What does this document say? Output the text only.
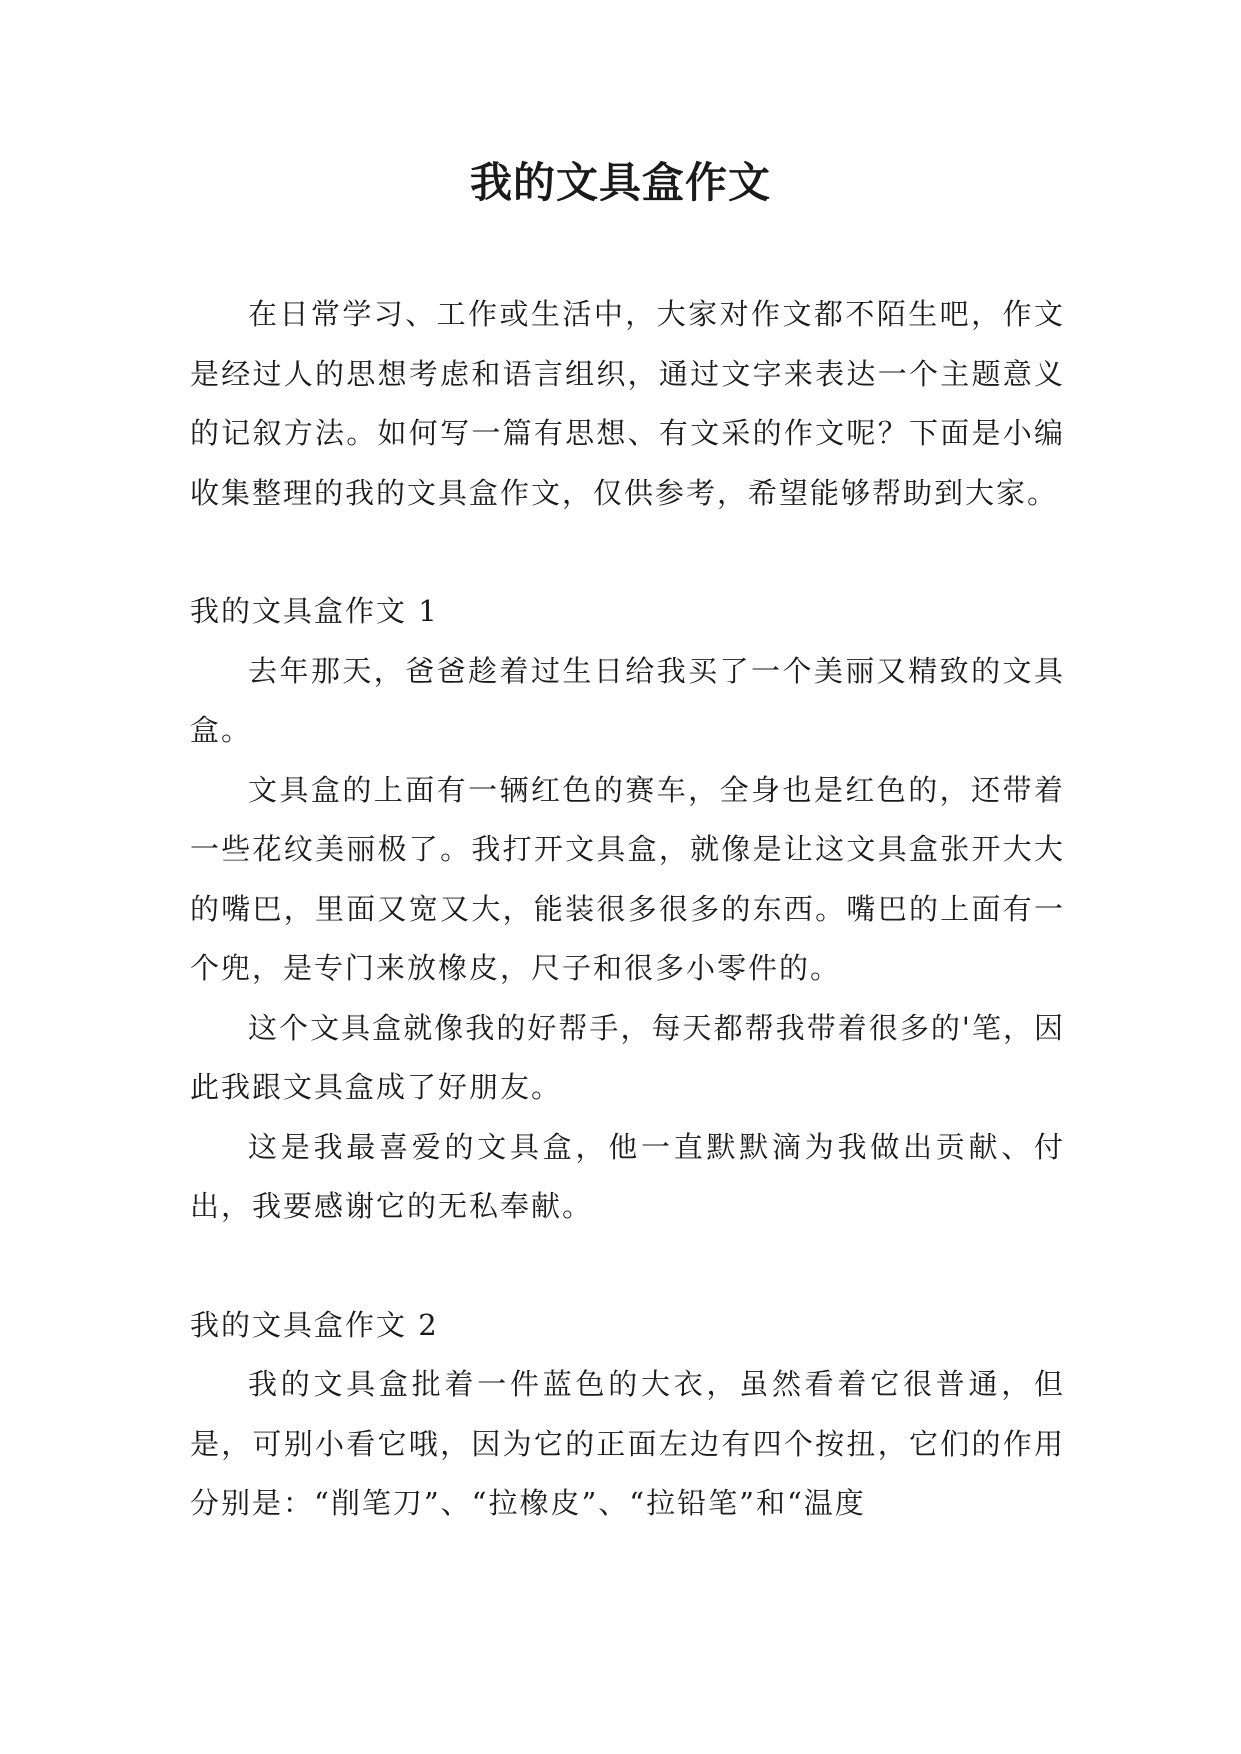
我的文具盒作文

在日常学习、工作或生活中，大家对作文都不陌生吧，作文是经过人的思想考虑和语言组织，通过文字来表达一个主题意义的记叙方法。如何写一篇有思想、有文采的作文呢？下面是小编收集整理的我的文具盒作文，仅供参考，希望能够帮助到大家。

我的文具盒作文 1

去年那天，爸爸趁着过生日给我买了一个美丽又精致的文具盒。

文具盒的上面有一辆红色的赛车，全身也是红色的，还带着一些花纹美丽极了。我打开文具盒，就像是让这文具盒张开大大的嘴巴，里面又宽又大，能装很多很多的东西。嘴巴的上面有一个兜，是专门来放橡皮，尺子和很多小零件的。

这个文具盒就像我的好帮手，每天都帮我带着很多的'笔，因此我跟文具盒成了好朋友。

这是我最喜爱的文具盒，他一直默默滴为我做出贡献、付出，我要感谢它的无私奉献。

我的文具盒作文 2

我的文具盒批着一件蓝色的大衣，虽然看着它很普通，但是，可别小看它哦，因为它的正面左边有四个按扭，它们的作用分别是：“削笔刀”、“拉橡皮”、“拉铅笔”和“温度
